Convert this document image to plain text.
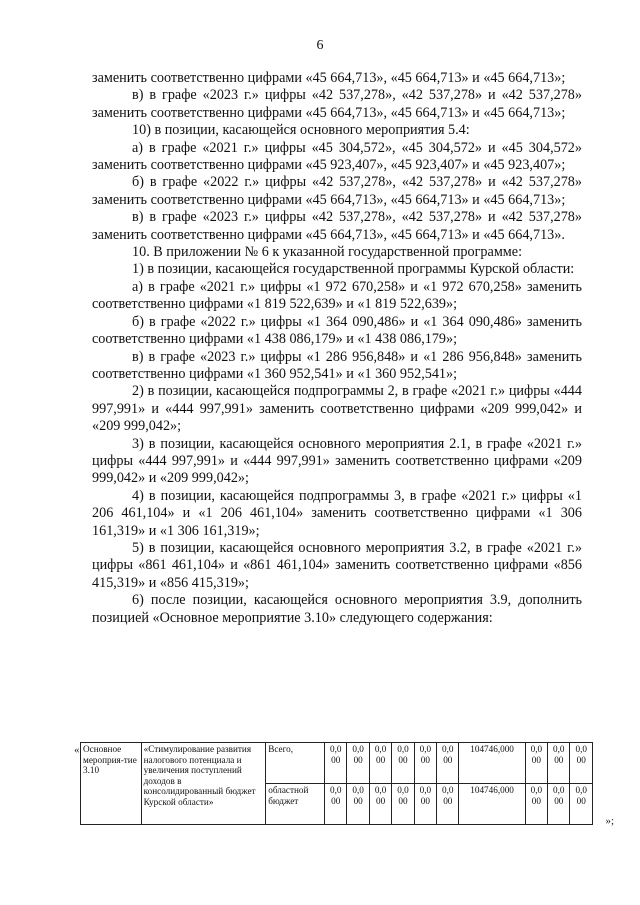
6

заменить соответственно цифрами «45 664,713», «45 664,713» и «45 664,713»;

в) в графе «2023 г.» цифры «42 537,278», «42 537,278» и «42 537,278» заменить соответственно цифрами «45 664,713», «45 664,713» и «45 664,713»;

10) в позиции, касающейся основного мероприятия 5.4:

а) в графе «2021 г.» цифры «45 304,572», «45 304,572» и «45 304,572» заменить соответственно цифрами «45 923,407», «45 923,407» и «45 923,407»;

б) в графе «2022 г.» цифры «42 537,278», «42 537,278» и «42 537,278» заменить соответственно цифрами «45 664,713», «45 664,713» и «45 664,713»;

в) в графе «2023 г.» цифры «42 537,278», «42 537,278» и «42 537,278» заменить соответственно цифрами «45 664,713», «45 664,713» и «45 664,713».

10. В приложении № 6 к указанной государственной программе:

1) в позиции, касающейся государственной программы Курской области:

а) в графе «2021 г.» цифры «1 972 670,258» и «1 972 670,258» заменить соответственно цифрами «1 819 522,639» и «1 819 522,639»;

б) в графе «2022 г.» цифры «1 364 090,486» и «1 364 090,486» заменить соответственно цифрами «1 438 086,179» и «1 438 086,179»;

в) в графе «2023 г.» цифры «1 286 956,848» и «1 286 956,848» заменить соответственно цифрами «1 360 952,541» и «1 360 952,541»;

2) в позиции, касающейся подпрограммы 2, в графе «2021 г.» цифры «444 997,991» и «444 997,991» заменить соответственно цифрами «209 999,042» и «209 999,042»;

3) в позиции, касающейся основного мероприятия 2.1, в графе «2021 г.» цифры «444 997,991» и «444 997,991» заменить соответственно цифрами «209 999,042» и «209 999,042»;

4) в позиции, касающейся подпрограммы 3, в графе «2021 г.» цифры «1 206 461,104» и «1 206 461,104» заменить соответственно цифрами «1 306 161,319» и «1 306 161,319»;

5) в позиции, касающейся основного мероприятия 3.2, в графе «2021 г.» цифры «861 461,104» и «861 461,104» заменить соответственно цифрами «856 415,319» и «856 415,319»;

6) после позиции, касающейся основного мероприятия 3.9, дополнить позицией «Основное мероприятие 3.10» следующего содержания:

« Основное мероприя-тие 3.10	«Стимулирование развития налогового потенциала и увеличения поступлений доходов в консолидированный бюджет Курской области»	Всего,	0,0 00	0,0 00	0,0 00	0,0 00	0,0 00	0,0 00	104746,000	0,0 00	0,0 00	0,0 00
		областной бюджет	0,0 00	0,0 00	0,0 00	0,0 00	0,0 00	0,0 00	104746,000	0,0 00	0,0 00	0,0 00
»;
